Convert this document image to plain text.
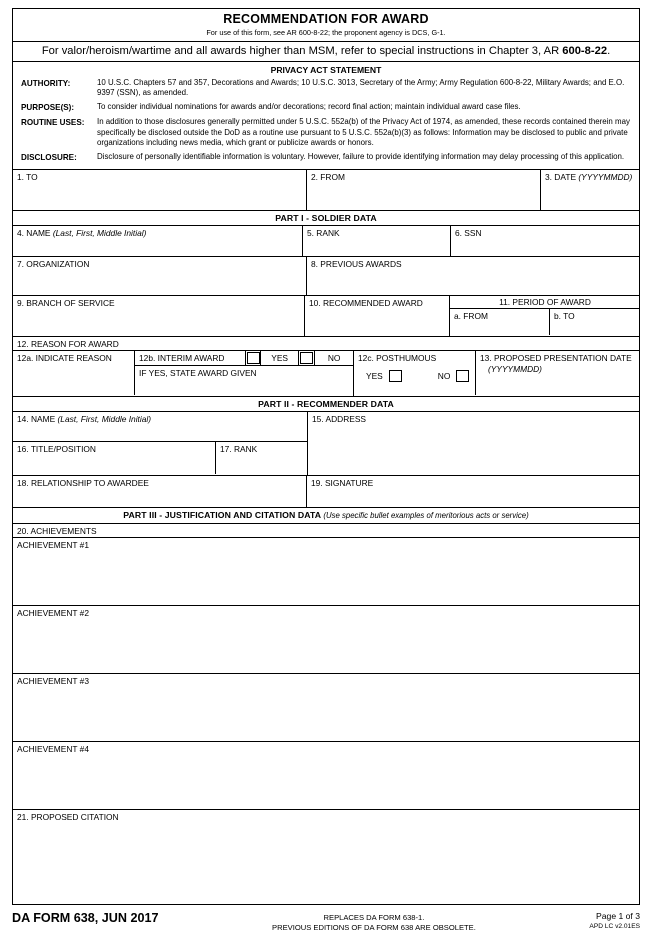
RECOMMENDATION FOR AWARD
For use of this form, see AR 600-8-22; the proponent agency is DCS, G-1.
For valor/heroism/wartime and all awards higher than MSM, refer to special instructions in Chapter 3, AR 600-8-22.
PRIVACY ACT STATEMENT
AUTHORITY:	10 U.S.C. Chapters 57 and 357, Decorations and Awards; 10 U.S.C. 3013, Secretary of the Army; Army Regulation 600-8-22, Military Awards; and E.O. 9397 (SSN), as amended.
PURPOSE(S):	To consider individual nominations for awards and/or decorations; record final action; maintain individual award case files.
ROUTINE USES:	In addition to those disclosures generally permitted under 5 U.S.C. 552a(b) of the Privacy Act of 1974, as amended, these records contained therein may specifically be disclosed outside the DoD as a routine use pursuant to 5 U.S.C. 552a(b)(3) as follows: Information may be disclosed to public and private organizations including news media, which grant or publicize awards or honors.
DISCLOSURE:	Disclosure of personally identifiable information is voluntary. However, failure to provide identifying information may delay processing of this application.
1. TO	2. FROM	3. DATE (YYYYMMDD)
PART I - SOLDIER DATA
4. NAME (Last, First, Middle Initial)	5. RANK	6. SSN
7. ORGANIZATION	8. PREVIOUS AWARDS
9. BRANCH OF SERVICE	10. RECOMMENDED AWARD	11. PERIOD OF AWARD
a. FROM	b. TO
12. REASON FOR AWARD
12a. INDICATE REASON	12b. INTERIM AWARD	YES	NO
IF YES, STATE AWARD GIVEN
12c. POSTHUMOUS
YES	NO
13. PROPOSED PRESENTATION DATE
(YYYYMMDD)
PART II - RECOMMENDER DATA
14. NAME (Last, First, Middle Initial)
16. TITLE/POSITION	17. RANK
15. ADDRESS
18. RELATIONSHIP TO AWARDEE	19. SIGNATURE
PART III - JUSTIFICATION AND CITATION DATA (Use specific bullet examples of meritorious acts or service)
20. ACHIEVEMENTS
ACHIEVEMENT #1
ACHIEVEMENT #2
ACHIEVEMENT #3
ACHIEVEMENT #4
21. PROPOSED CITATION
DA FORM 638, JUN 2017	REPLACES DA FORM 638-1.
PREVIOUS EDITIONS OF DA FORM 638 ARE OBSOLETE.
Page 1 of 3
APD LC v2.01ES
